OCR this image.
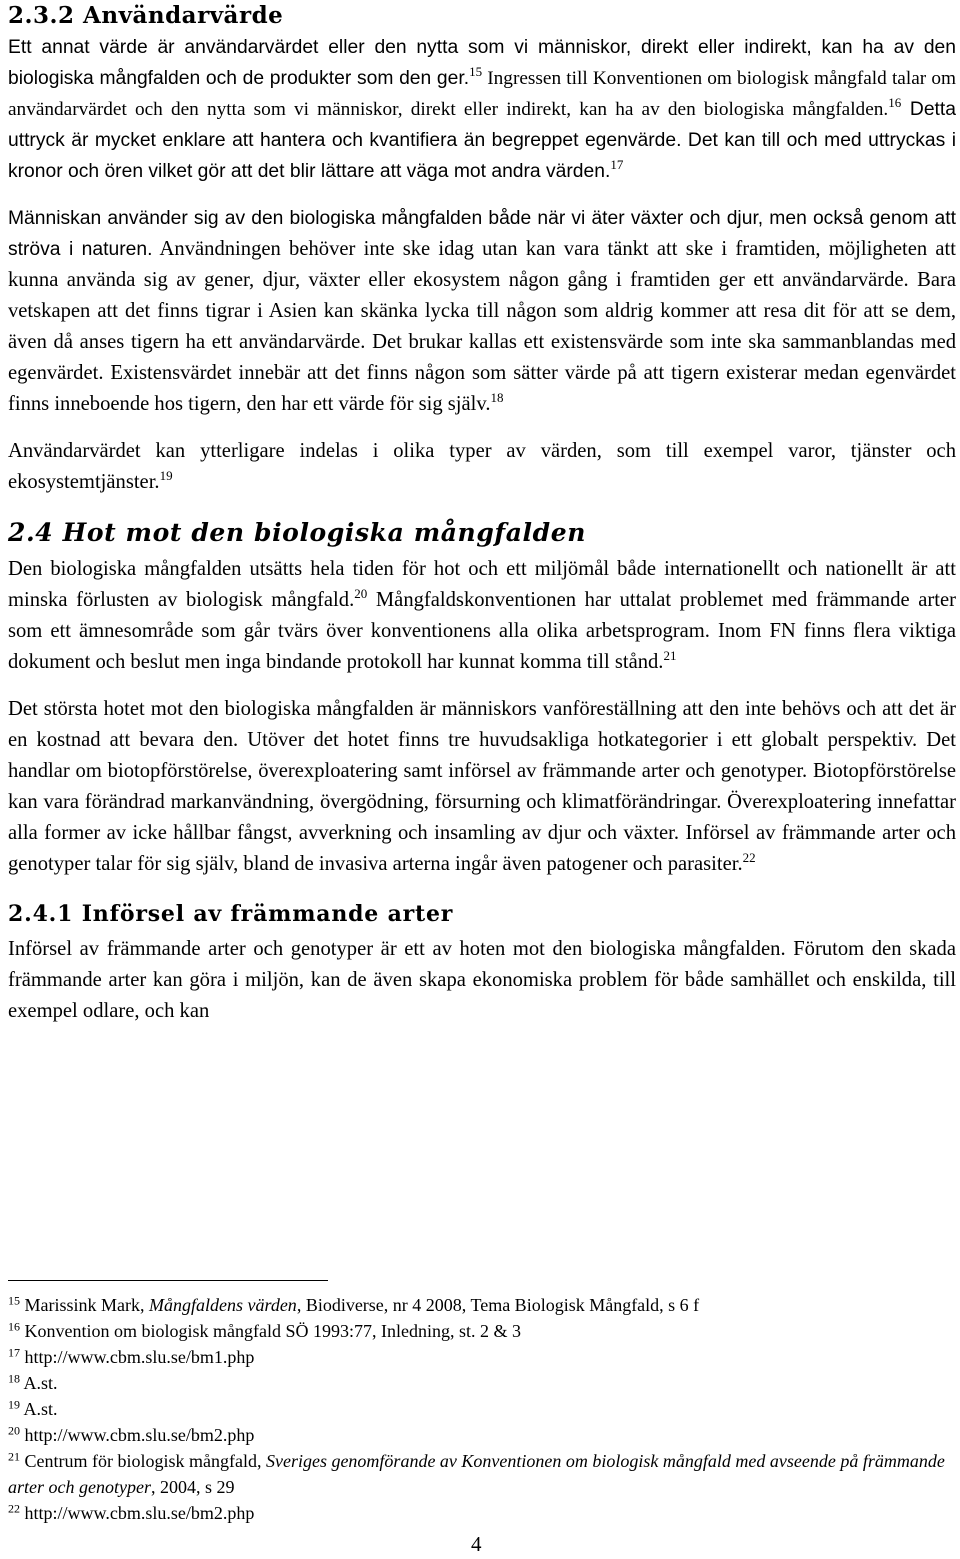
2.3.2 Användarvärde

Ett annat värde är användarvärdet eller den nytta som vi människor, direkt eller indirekt, kan ha av den biologiska mångfalden och de produkter som den ger.$^{15}$ Ingressen till Konventionen om biologisk mångfald talar om användarvärdet och den nytta som vi människor, direkt eller indirekt, kan ha av den biologiska mångfalden.$^{16}$ Detta uttryck är mycket enklare att hantera och kvantifiera än begreppet egenvärde. Det kan till och med uttryckas i kronor och ören vilket gör att det blir lättare att väga mot andra värden.$^{17}$

Människan använder sig av den biologiska mångfalden både när vi äter växter och djur, men också genom att ströva i naturen. Användningen behöver inte ske idag utan kan vara tänkt att ske i framtiden, möjligheten att kunna använda sig av gener, djur, växter eller ekosystem någon gång i framtiden ger ett användarvärde. Bara vetskapen att det finns tigrar i Asien kan skänka lycka till någon som aldrig kommer att resa dit för att se dem, även då anses tigern ha ett användarvärde. Det brukar kallas ett existensvärde som inte ska sammanblandas med egenvärdet. Existensvärdet innebär att det finns någon som sätter värde på att tigern existerar medan egenvärdet finns inneboende hos tigern, den har ett värde för sig själv.$^{18}$

Användarvärdet kan ytterligare indelas i olika typer av värden, som till exempel varor, tjänster och ekosystemtjänster.$^{19}$

2.4 Hot mot den biologiska mångfalden

Den biologiska mångfalden utsätts hela tiden för hot och ett miljömål både internationellt och nationellt är att minska förlusten av biologisk mångfald.$^{20}$ Mångfaldskonventionen har uttalat problemet med främmande arter som ett ämnesområde som går tvärs över konventionens alla olika arbetsprogram. Inom FN finns flera viktiga dokument och beslut men inga bindande protokoll har kunnat komma till stånd.$^{21}$

Det största hotet mot den biologiska mångfalden är människors vanföreställning att den inte behövs och att det är en kostnad att bevara den. Utöver det hotet finns tre huvudsakliga hotkategorier i ett globalt perspektiv. Det handlar om biotopförstörelse, överexploatering samt införsel av främmande arter och genotyper. Biotopförstörelse kan vara förändrad markanvändning, övergödning, försurning och klimatförändringar. Överexploatering innefattar alla former av icke hållbar fångst, avverkning och insamling av djur och växter. Införsel av främmande arter och genotyper talar för sig själv, bland de invasiva arterna ingår även patogener och parasiter.$^{22}$

2.4.1 Införsel av främmande arter

Införsel av främmande arter och genotyper är ett av hoten mot den biologiska mångfalden. Förutom den skada främmande arter kan göra i miljön, kan de även skapa ekonomiska problem för både samhället och enskilda, till exempel odlare, och kan

$^{15}$ Marissink Mark, Mångfaldens värden, Biodiverse, nr 4 2008, Tema Biologisk Mångfald, s 6 f
$^{16}$ Konvention om biologisk mångfald SÖ 1993:77, Inledning, st. 2 & 3
$^{17}$ http://www.cbm.slu.se/bm1.php
$^{18}$ A.st.
$^{19}$ A.st.
$^{20}$ http://www.cbm.slu.se/bm2.php
$^{21}$ Centrum för biologisk mångfald, Sveriges genomförande av Konventionen om biologisk mångfald med avseende på främmande arter och genotyper, 2004, s 29
$^{22}$ http://www.cbm.slu.se/bm2.php
4
